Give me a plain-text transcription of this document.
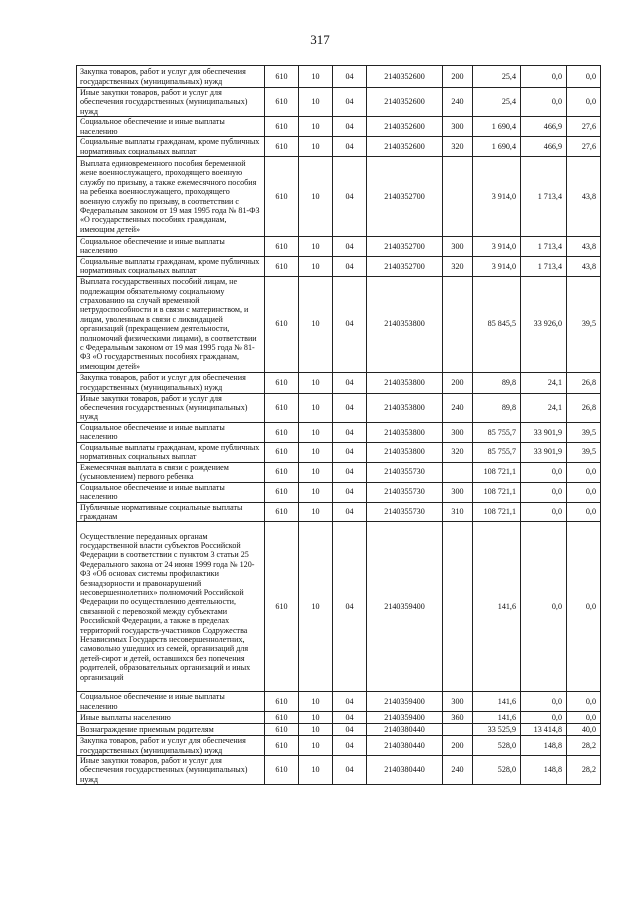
317
Закупка товаров, работ и услуг для обеспечения государственных (муниципальных) нужд	610	10	04	2140352600	200	25,4	0,0	0,0
Иные закупки товаров, работ и услуг для обеспечения государственных (муниципальных) нужд	610	10	04	2140352600	240	25,4	0,0	0,0
Социальное обеспечение и иные выплаты населению	610	10	04	2140352600	300	1 690,4	466,9	27,6
Социальные выплаты гражданам, кроме публичных нормативных социальных выплат	610	10	04	2140352600	320	1 690,4	466,9	27,6
Выплата единовременного пособия беременной жене военнослужащего, проходящего военную службу по призыву, а также ежемесячного пособия на ребенка военнослужащего, проходящего военную службу по призыву, в соответствии с Федеральным законом от 19 мая 1995 года № 81-ФЗ «О государственных пособиях гражданам, имеющим детей»	610	10	04	2140352700		3 914,0	1 713,4	43,8
Социальное обеспечение и иные выплаты населению	610	10	04	2140352700	300	3 914,0	1 713,4	43,8
Социальные выплаты гражданам, кроме публичных нормативных социальных выплат	610	10	04	2140352700	320	3 914,0	1 713,4	43,8
Выплата государственных пособий лицам, не подлежащим обязательному социальному страхованию на случай временной нетрудоспособности и в связи с материнством, и лицам, уволенным в связи с ликвидацией организаций (прекращением деятельности, полномочий физическими лицами), в соответствии с Федеральным законом от 19 мая 1995 года № 81-ФЗ «О государственных пособиях гражданам, имеющим детей»	610	10	04	2140353800		85 845,5	33 926,0	39,5
Закупка товаров, работ и услуг для обеспечения государственных (муниципальных) нужд	610	10	04	2140353800	200	89,8	24,1	26,8
Иные закупки товаров, работ и услуг для обеспечения государственных (муниципальных) нужд	610	10	04	2140353800	240	89,8	24,1	26,8
Социальное обеспечение и иные выплаты населению	610	10	04	2140353800	300	85 755,7	33 901,9	39,5
Социальные выплаты гражданам, кроме публичных нормативных социальных выплат	610	10	04	2140353800	320	85 755,7	33 901,9	39,5
Ежемесячная выплата в связи с рождением (усыновлением) первого ребенка	610	10	04	2140355730		108 721,1	0,0	0,0
Социальное обеспечение и иные выплаты населению	610	10	04	2140355730	300	108 721,1	0,0	0,0
Публичные нормативные социальные выплаты гражданам	610	10	04	2140355730	310	108 721,1	0,0	0,0
Осуществление переданных органам государственной власти субъектов Российской Федерации в соответствии с пунктом 3 статьи 25 Федерального закона от 24 июня 1999 года № 120-ФЗ «Об основах системы профилактики безнадзорности и правонарушений несовершеннолетних» полномочий Российской Федерации по осуществлению деятельности, связанной с перевозкой между субъектами Российской Федерации, а также в пределах территорий государств-участников Содружества Независимых Государств несовершеннолетних, самовольно ушедших из семей, организаций для детей-сирот и детей, оставшихся без попечения родителей, образовательных организаций и иных организаций	610	10	04	2140359400		141,6	0,0	0,0
Социальное обеспечение и иные выплаты населению	610	10	04	2140359400	300	141,6	0,0	0,0
Иные выплаты населению	610	10	04	2140359400	360	141,6	0,0	0,0
Вознаграждение приемным родителям	610	10	04	2140380440		33 525,9	13 414,8	40,0
Закупка товаров, работ и услуг для обеспечения государственных (муниципальных) нужд	610	10	04	2140380440	200	528,0	148,8	28,2
Иные закупки товаров, работ и услуг для обеспечения государственных (муниципальных) нужд	610	10	04	2140380440	240	528,0	148,8	28,2
